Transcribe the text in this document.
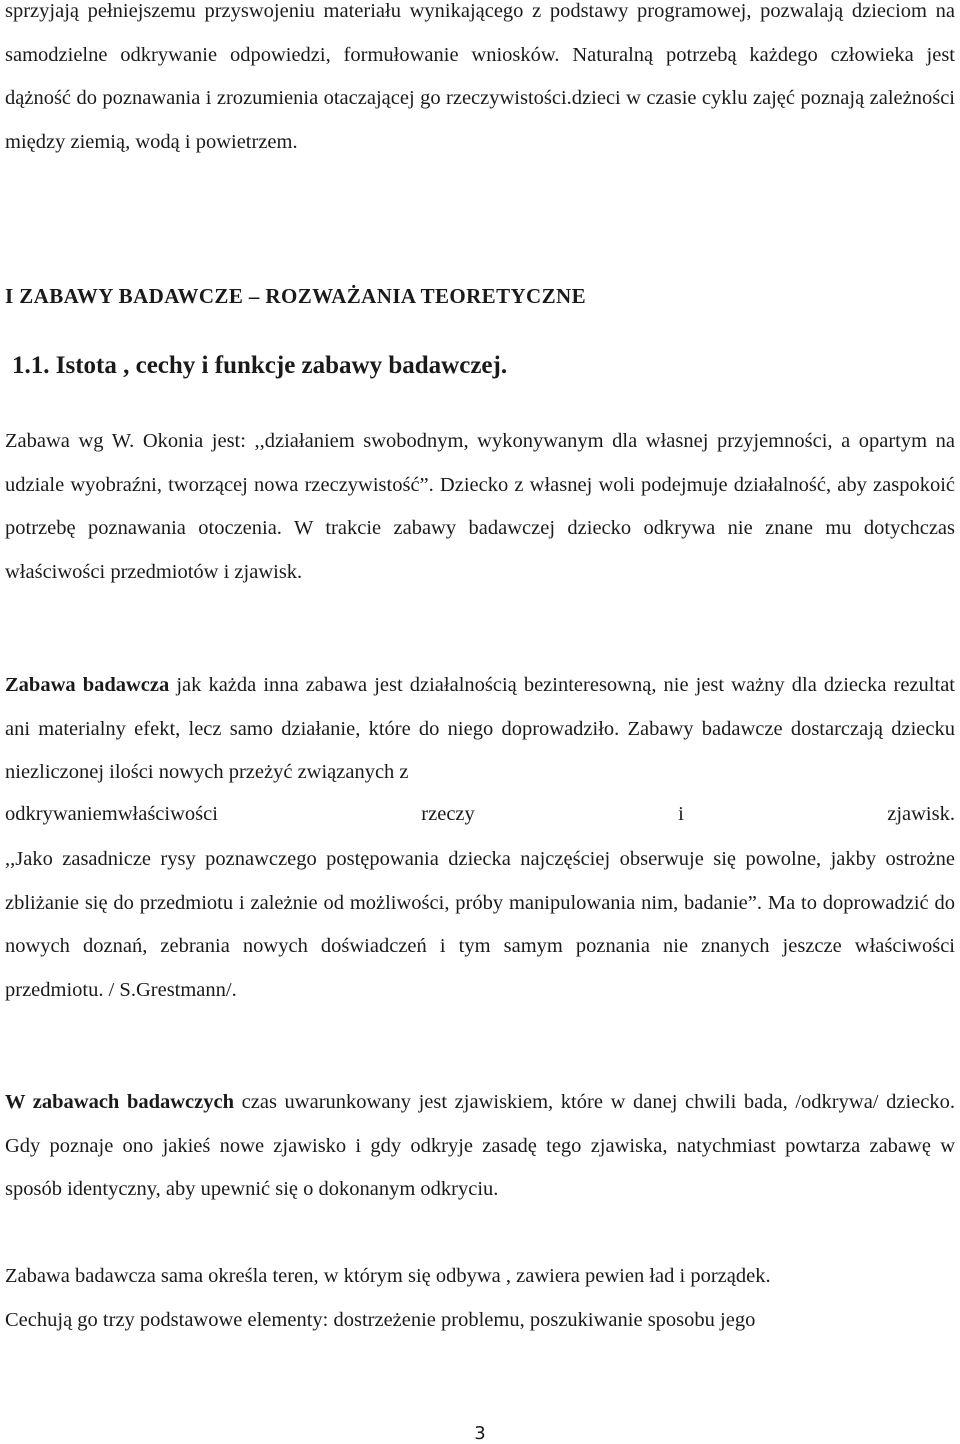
sprzyjają pełniejszemu przyswojeniu materiału wynikającego z podstawy programowej, pozwalają dzieciom na samodzielne odkrywanie odpowiedzi, formułowanie wniosków. Naturalną potrzebą każdego człowieka jest dążność do poznawania i zrozumienia otaczającej go rzeczywistości.dzieci w czasie cyklu zajęć poznają zależności między ziemią, wodą i powietrzem.

I ZABAWY BADAWCZE – ROZWAŻANIA TEORETYCZNE
1.1. Istota , cechy i funkcje zabawy badawczej.

Zabawa wg W. Okonia jest: ,,działaniem swobodnym, wykonywanym dla własnej przyjemności, a opartym na udziale wyobraźni, tworzącej nowa rzeczywistość”. Dziecko z własnej woli podejmuje działalność, aby zaspokoić potrzebę poznawania otoczenia. W trakcie zabawy badawczej dziecko odkrywa nie znane mu dotychczas właściwości przedmiotów i zjawisk.

Zabawa badawcza jak każda inna zabawa jest działalnością bezinteresowną, nie jest ważny dla dziecka rezultat ani materialny efekt, lecz samo działanie, które do niego doprowadziło. Zabawy badawcze dostarczają dziecku niezliczonej ilości nowych przeżyć związanych z

odkrywaniemwłaściwości	rzeczy	i	zjawisk.

,,Jako zasadnicze rysy poznawczego postępowania dziecka najczęściej obserwuje się powolne, jakby ostrożne zbliżanie się do przedmiotu i zależnie od możliwości, próby manipulowania nim, badanie”. Ma to doprowadzić do nowych doznań, zebrania nowych doświadczeń i tym samym poznania nie znanych jeszcze właściwości przedmiotu. / S.Grestmann/.

W zabawach badawczych czas uwarunkowany jest zjawiskiem, które w danej chwili bada, /odkrywa/ dziecko. Gdy poznaje ono jakieś nowe zjawisko i gdy odkryje zasadę tego zjawiska, natychmiast powtarza zabawę w sposób identyczny, aby upewnić się o dokonanym odkryciu.

Zabawa badawcza sama określa teren, w którym się odbywa , zawiera pewien ład i porządek.

Cechują go trzy podstawowe elementy: dostrzeżenie problemu, poszukiwanie sposobu jego

3
